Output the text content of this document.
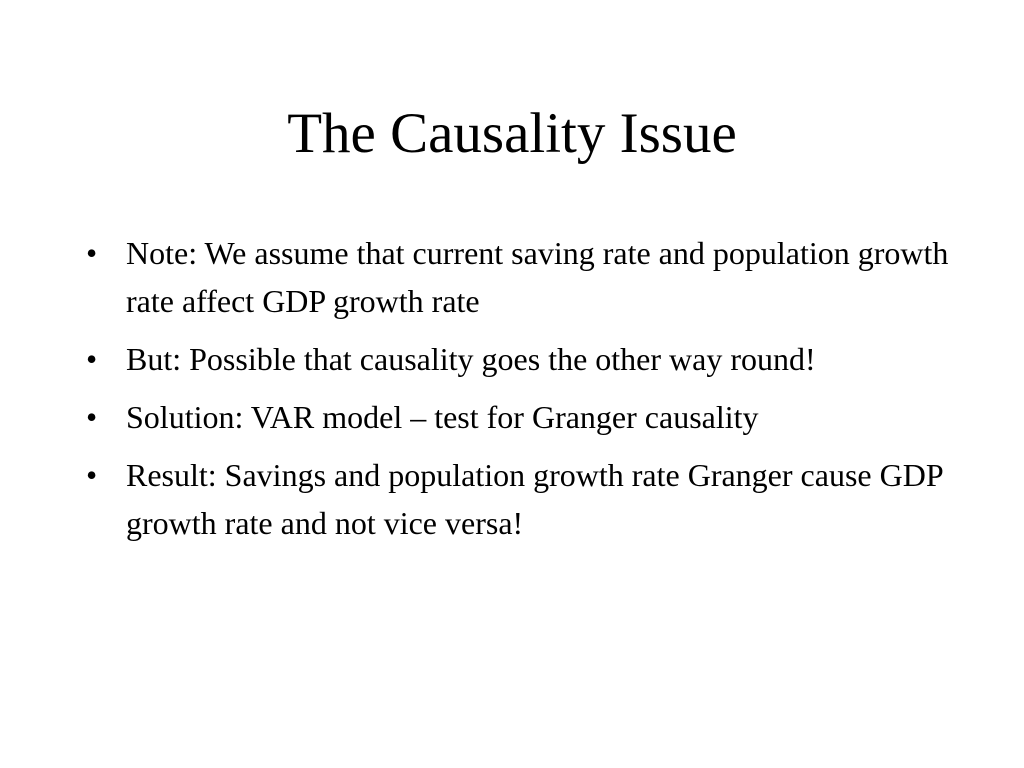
The Causality Issue
• Note: We assume that current saving rate and population growth rate affect GDP growth rate
• But: Possible that causality goes the other way round!
• Solution: VAR model – test for Granger causality
• Result: Savings and population growth rate Granger cause GDP growth rate and not vice versa!
